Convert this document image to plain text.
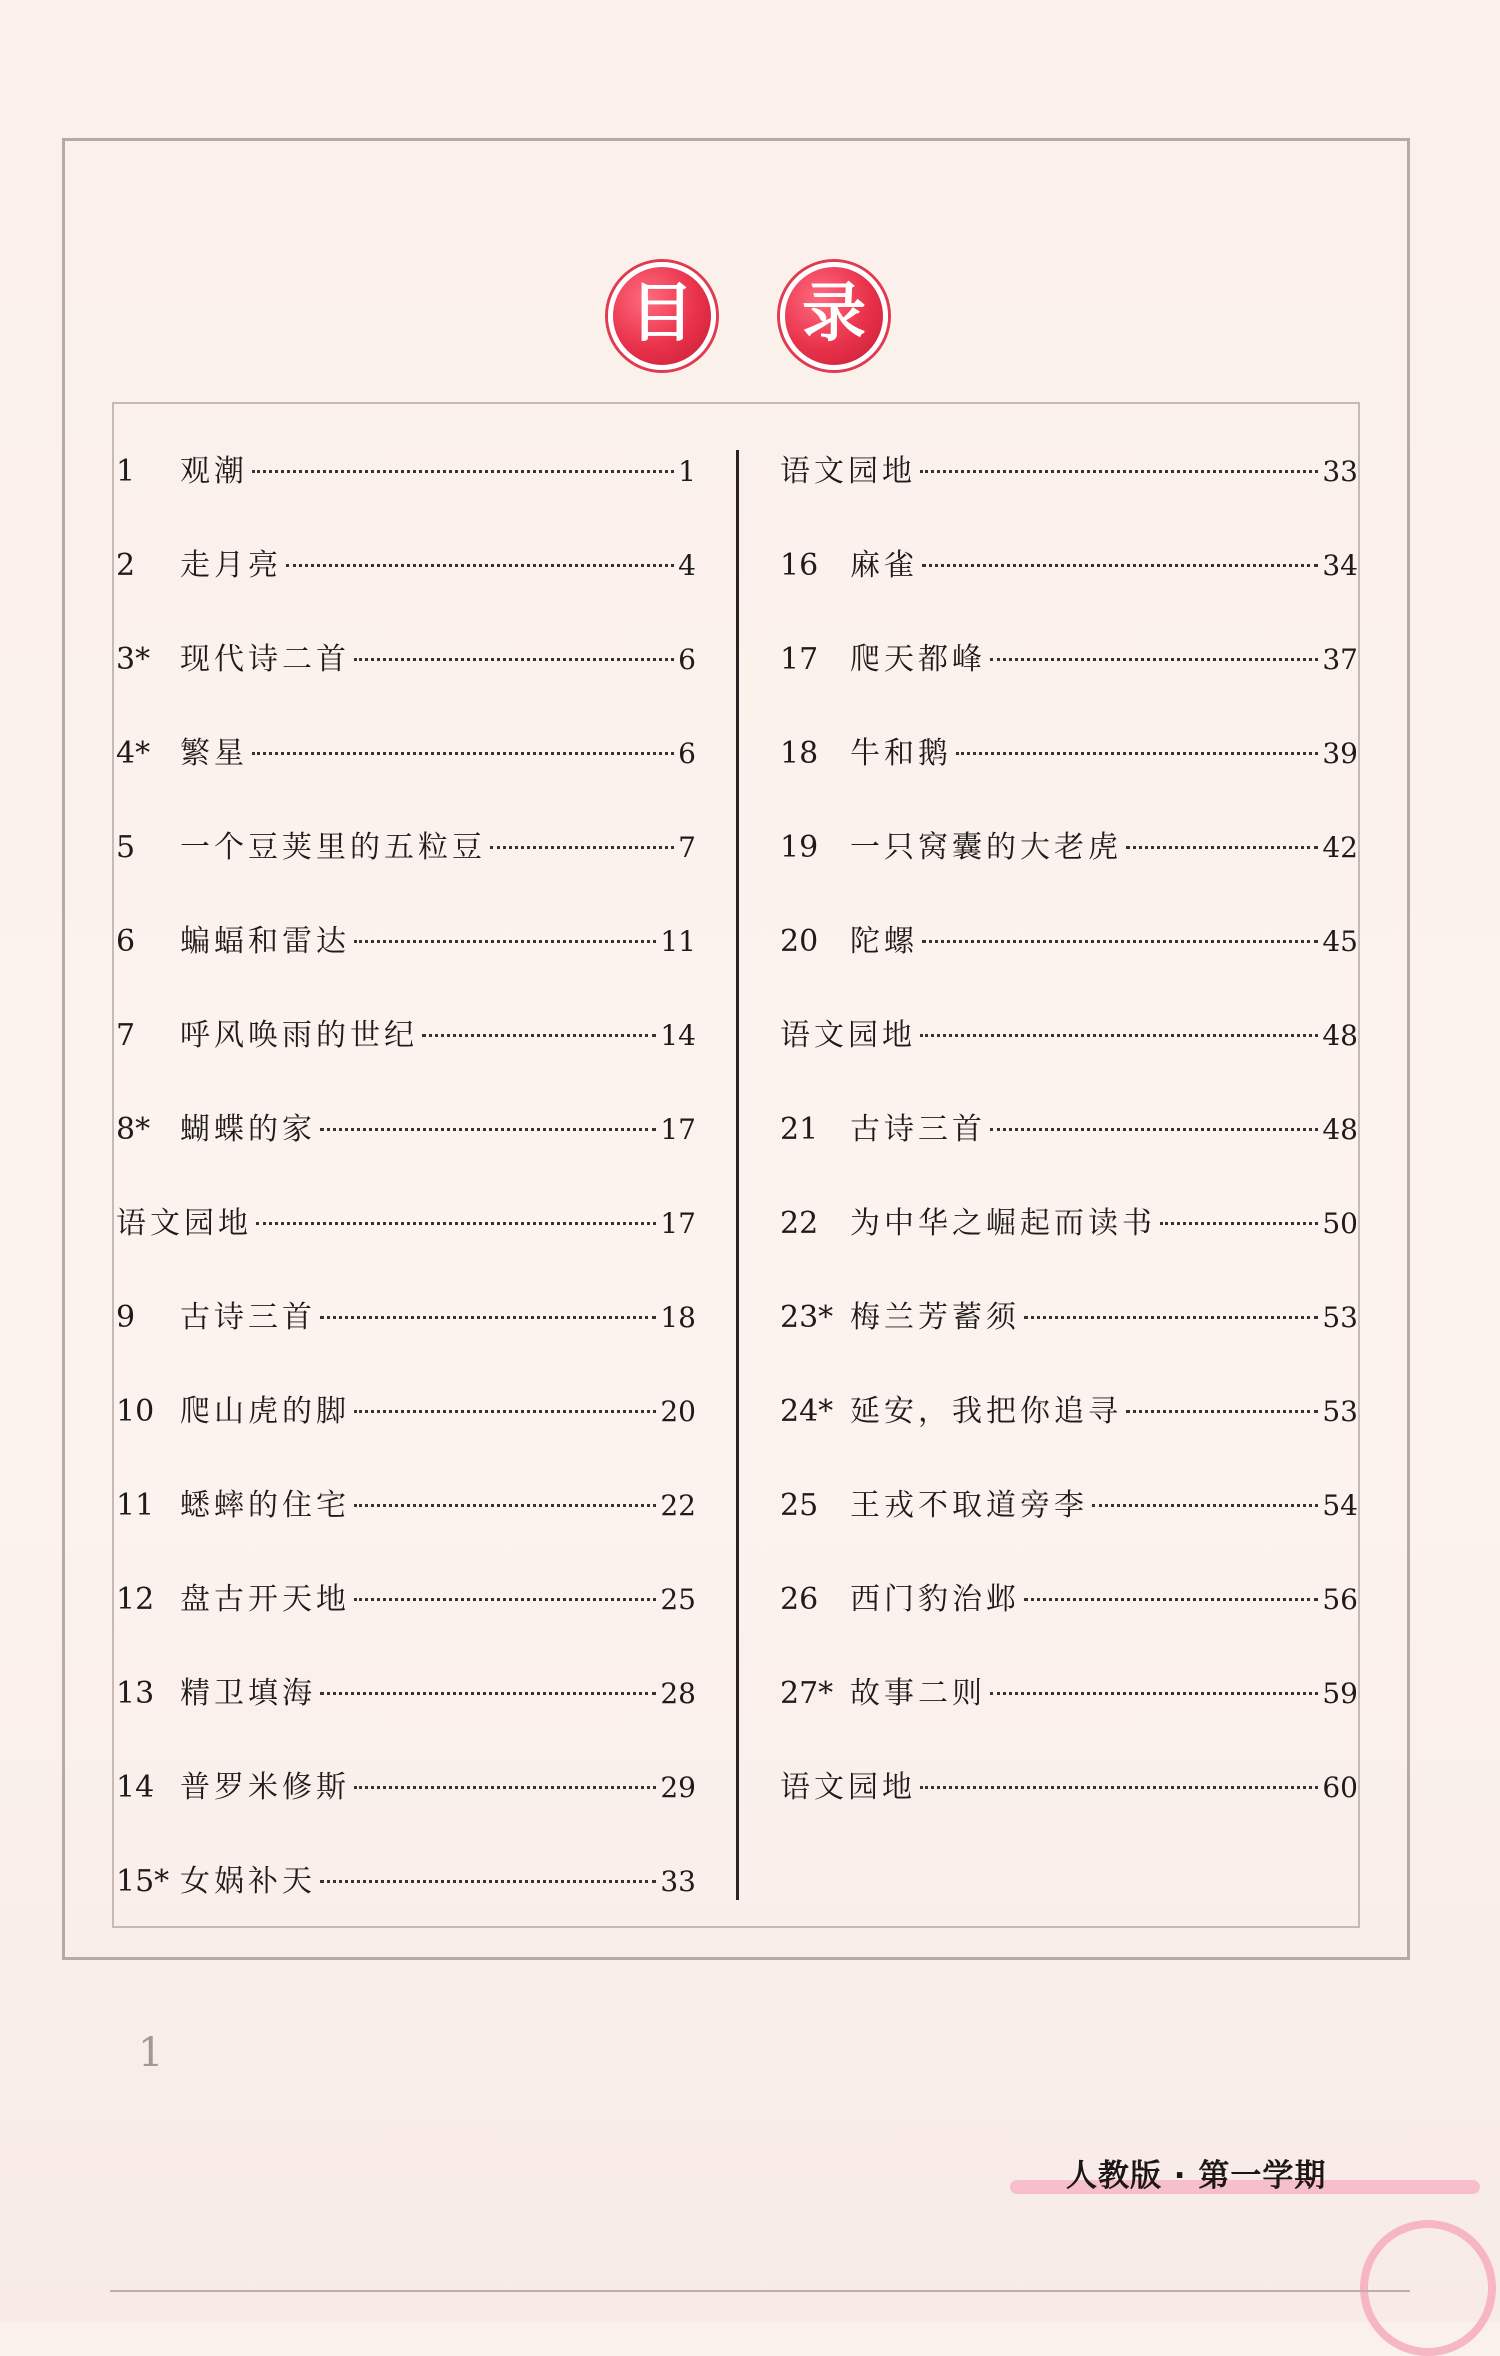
目 录
1	观潮	1
2	走月亮	4
3* 现代诗二首	6
4* 繁星	6
5	一个豆荚里的五粒豆	7
6	蝙蝠和雷达	11
7	呼风唤雨的世纪	14
8* 蝴蝶的家	17
语文园地	17
9	古诗三首	18
10 爬山虎的脚	20
11 蟋蟀的住宅	22
12 盘古开天地	25
13 精卫填海	28
14 普罗米修斯	29
15* 女娲补天	33
语文园地	33
16	麻雀	34
17	爬天都峰	37
18	牛和鹅	39
19	一只窝囊的大老虎	42
20	陀螺	45
语文园地	48
21	古诗三首	48
22	为中华之崛起而读书	50
23* 梅兰芳蓄须	53
24* 延安，我把你追寻	53
25	王戎不取道旁李	54
26	西门豹治邺	56
27* 故事二则	59
语文园地	60
1
人教版 · 第一学期
